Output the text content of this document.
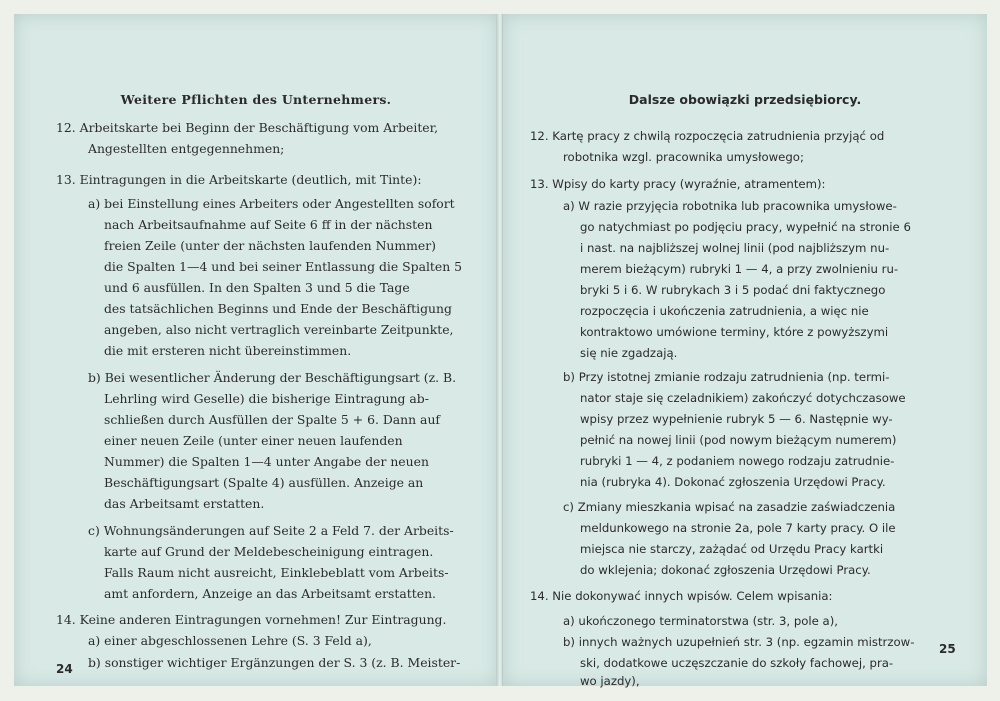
Weitere Pflichten des Unternehmers.
12. Arbeitskarte bei Beginn der Beschäftigung vom Arbeiter,
Angestellten entgegennehmen;
13. Eintragungen in die Arbeitskarte (deutlich, mit Tinte):
a) bei Einstellung eines Arbeiters oder Angestellten sofort
nach Arbeitsaufnahme auf Seite 6 ff in der nächsten
freien Zeile (unter der nächsten laufenden Nummer)
die Spalten 1—4 und bei seiner Entlassung die Spalten 5
und 6 ausfüllen. In den Spalten 3 und 5 die Tage
des tatsächlichen Beginns und Ende der Beschäftigung
angeben, also nicht vertraglich vereinbarte Zeitpunkte,
die mit ersteren nicht übereinstimmen.
b) Bei wesentlicher Änderung der Beschäftigungsart (z. B.
Lehrling wird Geselle) die bisherige Eintragung ab-
schließen durch Ausfüllen der Spalte 5 + 6. Dann auf
einer neuen Zeile (unter einer neuen laufenden
Nummer) die Spalten 1—4 unter Angabe der neuen
Beschäftigungsart (Spalte 4) ausfüllen. Anzeige an
das Arbeitsamt erstatten.
c) Wohnungsänderungen auf Seite 2 a Feld 7. der Arbeits-
karte auf Grund der Meldebescheinigung eintragen.
Falls Raum nicht ausreicht, Einklebeblatt vom Arbeits-
amt anfordern, Anzeige an das Arbeitsamt erstatten.
14. Keine anderen Eintragungen vornehmen! Zur Eintragung.
a) einer abgeschlossenen Lehre (S. 3 Feld a),
b) sonstiger wichtiger Ergänzungen der S. 3 (z. B. Meister-
24
Dalsze obowiązki przedsiębiorcy.
12. Kartę pracy z chwilą rozpoczęcia zatrudnienia przyjąć od
robotnika wzgl. pracownika umysłowego;
13. Wpisy do karty pracy (wyraźnie, atramentem):
a) W razie przyjęcia robotnika lub pracownika umysłowe-
go natychmiast po podjęciu pracy, wypełnić na stronie 6
i nast. na najbliższej wolnej linii (pod najbliższym nu-
merem bieżącym) rubryki 1 — 4, a przy zwolnieniu ru-
bryki 5 i 6. W rubrykach 3 i 5 podać dni faktycznego
rozpoczęcia i ukończenia zatrudnienia, a więc nie
kontraktowo umówione terminy, które z powyższymi
się nie zgadzają.
b) Przy istotnej zmianie rodzaju zatrudnienia (np. termi-
nator staje się czeladnikiem) zakończyć dotychczasowe
wpisy przez wypełnienie rubryk 5 — 6. Następnie wy-
pełnić na nowej linii (pod nowym bieżącym numerem)
rubryki 1 — 4, z podaniem nowego rodzaju zatrudnie-
nia (rubryka 4). Dokonać zgłoszenia Urzędowi Pracy.
c) Zmiany mieszkania wpisać na zasadzie zaświadczenia
meldunkowego na stronie 2a, pole 7 karty pracy. O ile
miejsca nie starczy, zażądać od Urzędu Pracy kartki
do wklejenia; dokonać zgłoszenia Urzędowi Pracy.
14. Nie dokonywać innych wpisów. Celem wpisania:
a) ukończonego terminatorstwa (str. 3, pole a),
b) innych ważnych uzupełnień str. 3 (np. egzamin mistrzow-
ski, dodatkowe uczęszczanie do szkoły fachowej, pra-
wo jazdy),
25
